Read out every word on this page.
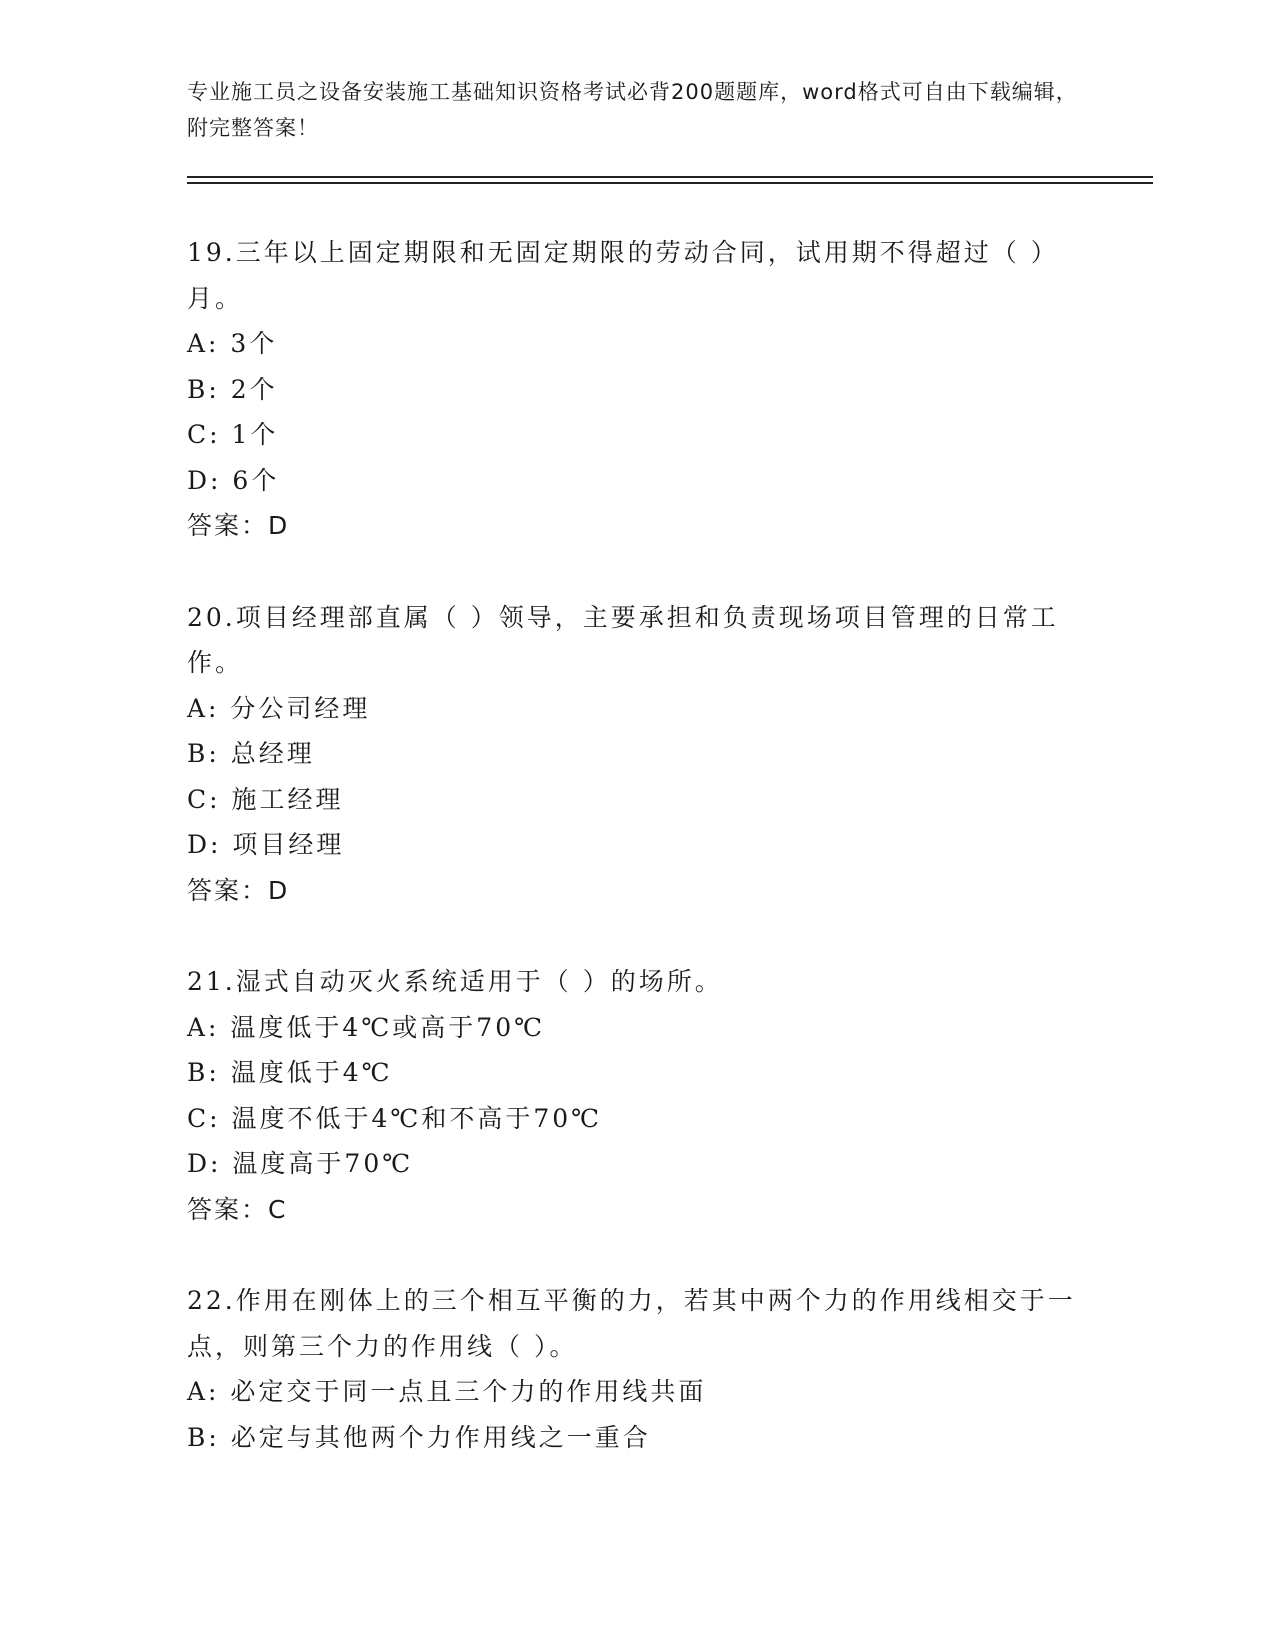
专业施工员之设备安装施工基础知识资格考试必背200题题库，word格式可自由下载编辑，附完整答案！
19.三年以上固定期限和无固定期限的劳动合同，试用期不得超过（ ）月。
A: 3个
B: 2个
C: 1个
D: 6个
答案：D
20.项目经理部直属（ ）领导，主要承担和负责现场项目管理的日常工作。
A: 分公司经理
B: 总经理
C: 施工经理
D: 项目经理
答案：D
21.湿式自动灭火系统适用于（ ）的场所。
A: 温度低于4℃或高于70℃
B: 温度低于4℃
C: 温度不低于4℃和不高于70℃
D: 温度高于70℃
答案：C
22.作用在刚体上的三个相互平衡的力，若其中两个力的作用线相交于一点，则第三个力的作用线（ ）。
A: 必定交于同一点且三个力的作用线共面
B: 必定与其他两个力作用线之一重合
